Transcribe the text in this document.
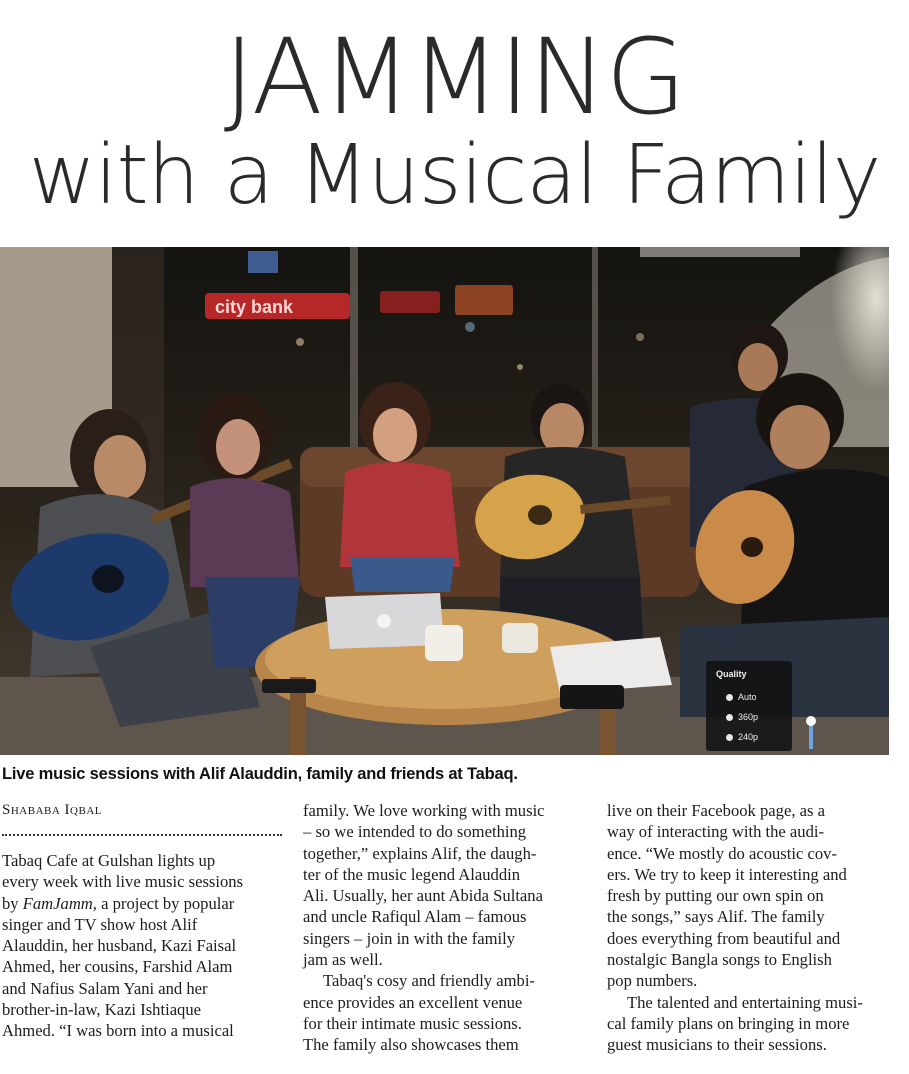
JAMMING
with a Musical Family
city bank
Quality
Auto
360p
240p
Live music sessions with Alif Alauddin, family and friends at Tabaq.
Shababa Iqbal
Tabaq Cafe at Gulshan lights up
every week with live music sessions
by FamJamm, a project by popular
singer and TV show host Alif
Alauddin, her husband, Kazi Faisal
Ahmed, her cousins, Farshid Alam
and Nafius Salam Yani and her
brother-in-law, Kazi Ishtiaque
Ahmed. “I was born into a musical
family. We love working with music
– so we intended to do something
together,” explains Alif, the daugh-
ter of the music legend Alauddin
Ali. Usually, her aunt Abida Sultana
and uncle Rafiqul Alam – famous
singers – join in with the family
jam as well.
Tabaq's cosy and friendly ambi-
ence provides an excellent venue
for their intimate music sessions.
The family also showcases them
live on their Facebook page, as a
way of interacting with the audi-
ence. “We mostly do acoustic cov-
ers. We try to keep it interesting and
fresh by putting our own spin on
the songs,” says Alif. The family
does everything from beautiful and
nostalgic Bangla songs to English
pop numbers.
The talented and entertaining musi-
cal family plans on bringing in more
guest musicians to their sessions.
